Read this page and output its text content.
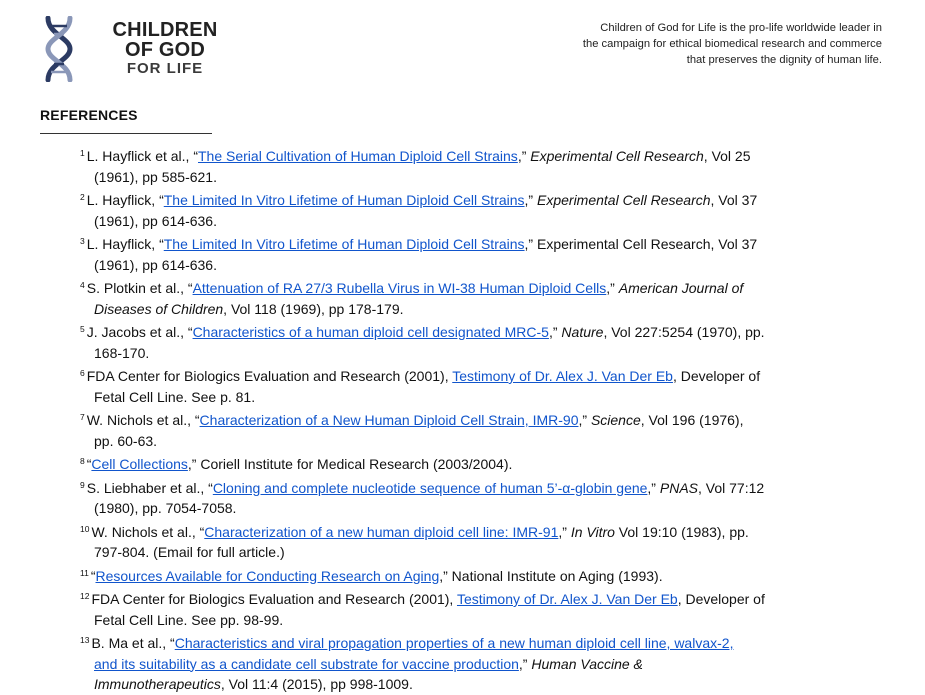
CHILDREN
OF GOD
FOR LIFE
Children of God for Life is the pro-life worldwide leader in
the campaign for ethical biomedical research and commerce
that preserves the dignity of human life.
REFERENCES
$^1$ L. Hayflick et al., “The Serial Cultivation of Human Diploid Cell Strains,” Experimental Cell Research, Vol 25
(1961), pp 585-621.
$^2$ L. Hayflick, “The Limited In Vitro Lifetime of Human Diploid Cell Strains,” Experimental Cell Research, Vol 37
(1961), pp 614-636.
$^3$ L. Hayflick, “The Limited In Vitro Lifetime of Human Diploid Cell Strains,” Experimental Cell Research, Vol 37
(1961), pp 614-636.
$^4$ S. Plotkin et al., “Attenuation of RA 27/3 Rubella Virus in WI-38 Human Diploid Cells,” American Journal of
Diseases of Children, Vol 118 (1969), pp 178-179.
$^5$ J. Jacobs et al., “Characteristics of a human diploid cell designated MRC-5,” Nature, Vol 227:5254 (1970), pp.
168-170.
$^6$ FDA Center for Biologics Evaluation and Research (2001), Testimony of Dr. Alex J. Van Der Eb, Developer of
Fetal Cell Line. See p. 81.
$^7$ W. Nichols et al., “Characterization of a New Human Diploid Cell Strain, IMR-90,” Science, Vol 196 (1976),
pp. 60-63.
$^8$ “Cell Collections,” Coriell Institute for Medical Research (2003/2004).
$^9$ S. Liebhaber et al., “Cloning and complete nucleotide sequence of human 5’-α-globin gene,” PNAS, Vol 77:12
(1980), pp. 7054-7058.
$^{10}$ W. Nichols et al., “Characterization of a new human diploid cell line: IMR-91,” In Vitro Vol 19:10 (1983), pp.
797-804. (Email for full article.)
$^{11}$ “Resources Available for Conducting Research on Aging,” National Institute on Aging (1993).
$^{12}$ FDA Center for Biologics Evaluation and Research (2001), Testimony of Dr. Alex J. Van Der Eb, Developer of
Fetal Cell Line. See pp. 98-99.
$^{13}$ B. Ma et al., “Characteristics and viral propagation properties of a new human diploid cell line, walvax-2,
and its suitability as a candidate cell substrate for vaccine production,” Human Vaccine &
Immunotherapeutics, Vol 11:4 (2015), pp 998-1009.
